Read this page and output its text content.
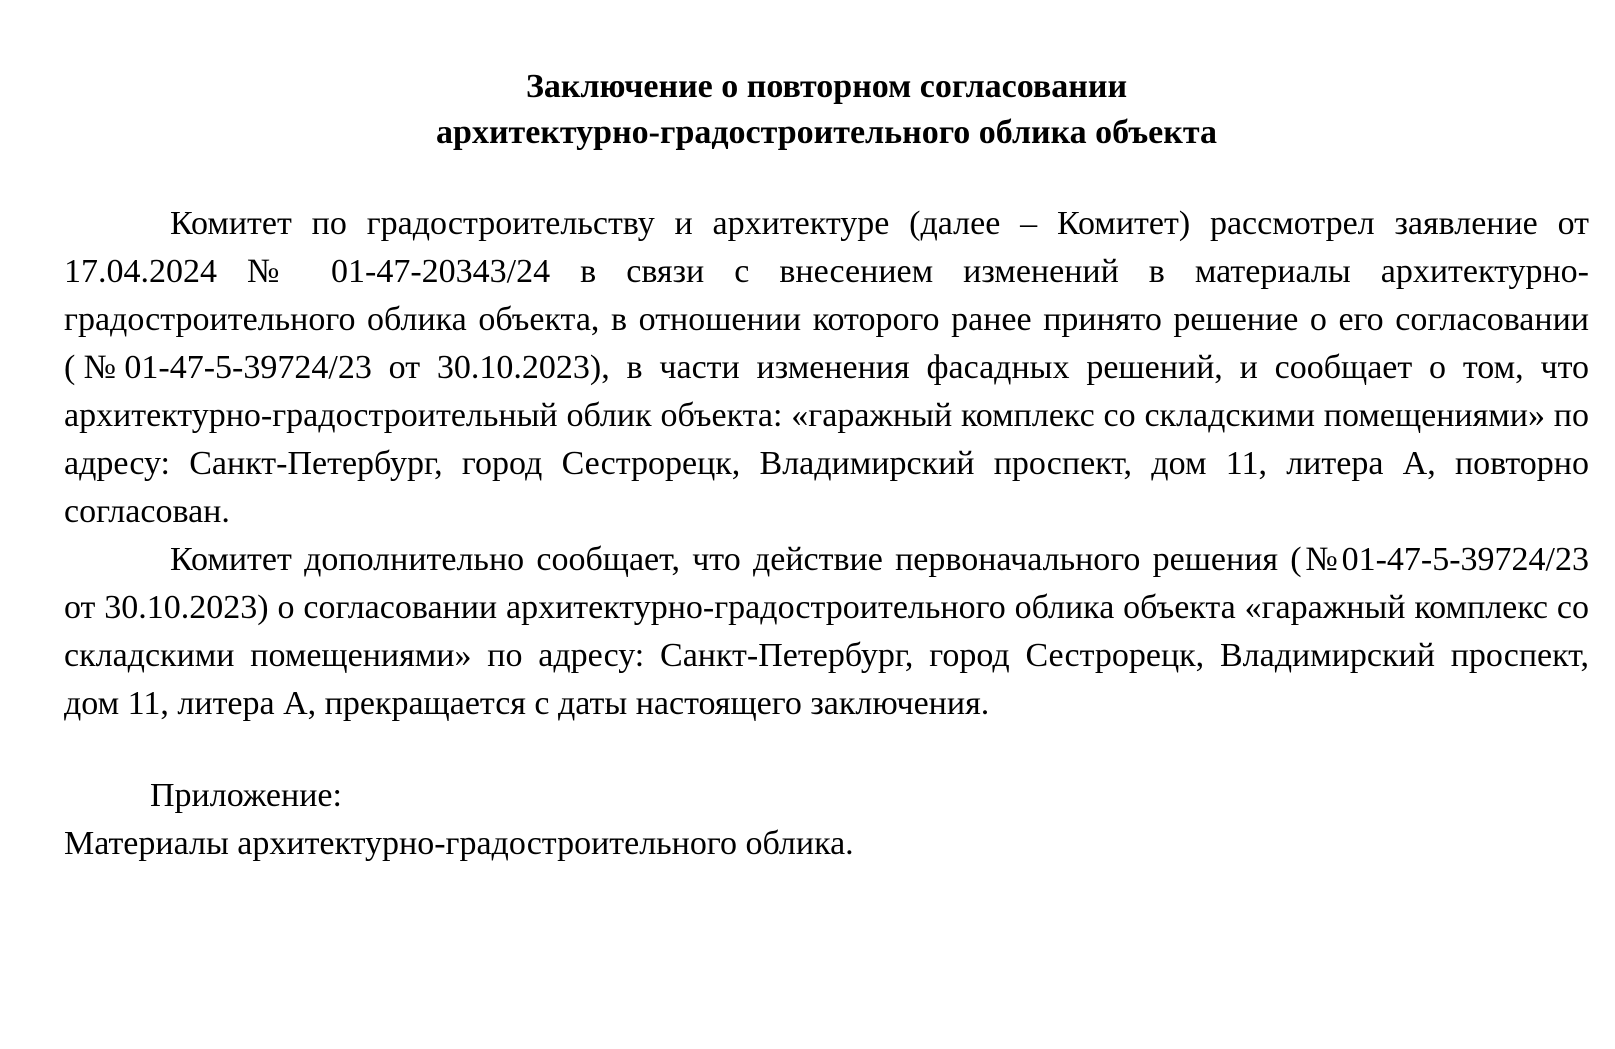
Заключение о повторном согласовании
архитектурно-градостроительного облика объекта

Комитет по градостроительству и архитектуре (далее – Комитет) рассмотрел заявление от 17.04.2024 № 01-47-20343/24 в связи с внесением изменений в материалы архитектурно-градостроительного облика объекта, в отношении которого ранее принято решение о его согласовании (№01-47-5-39724/23 от 30.10.2023), в части изменения фасадных решений, и сообщает о том, что архитектурно-градостроительный облик объекта: «гаражный комплекс со складскими помещениями» по адресу: Санкт-Петербург, город Сестрорецк, Владимирский проспект, дом 11, литера А, повторно согласован.

Комитет дополнительно сообщает, что действие первоначального решения (№01-47-5-39724/23 от 30.10.2023) о согласовании архитектурно-градостроительного облика объекта «гаражный комплекс со складскими помещениями» по адресу: Санкт-Петербург, город Сестрорецк, Владимирский проспект, дом 11, литера А, прекращается с даты настоящего заключения.

Приложение:
Материалы архитектурно-градостроительного облика.
